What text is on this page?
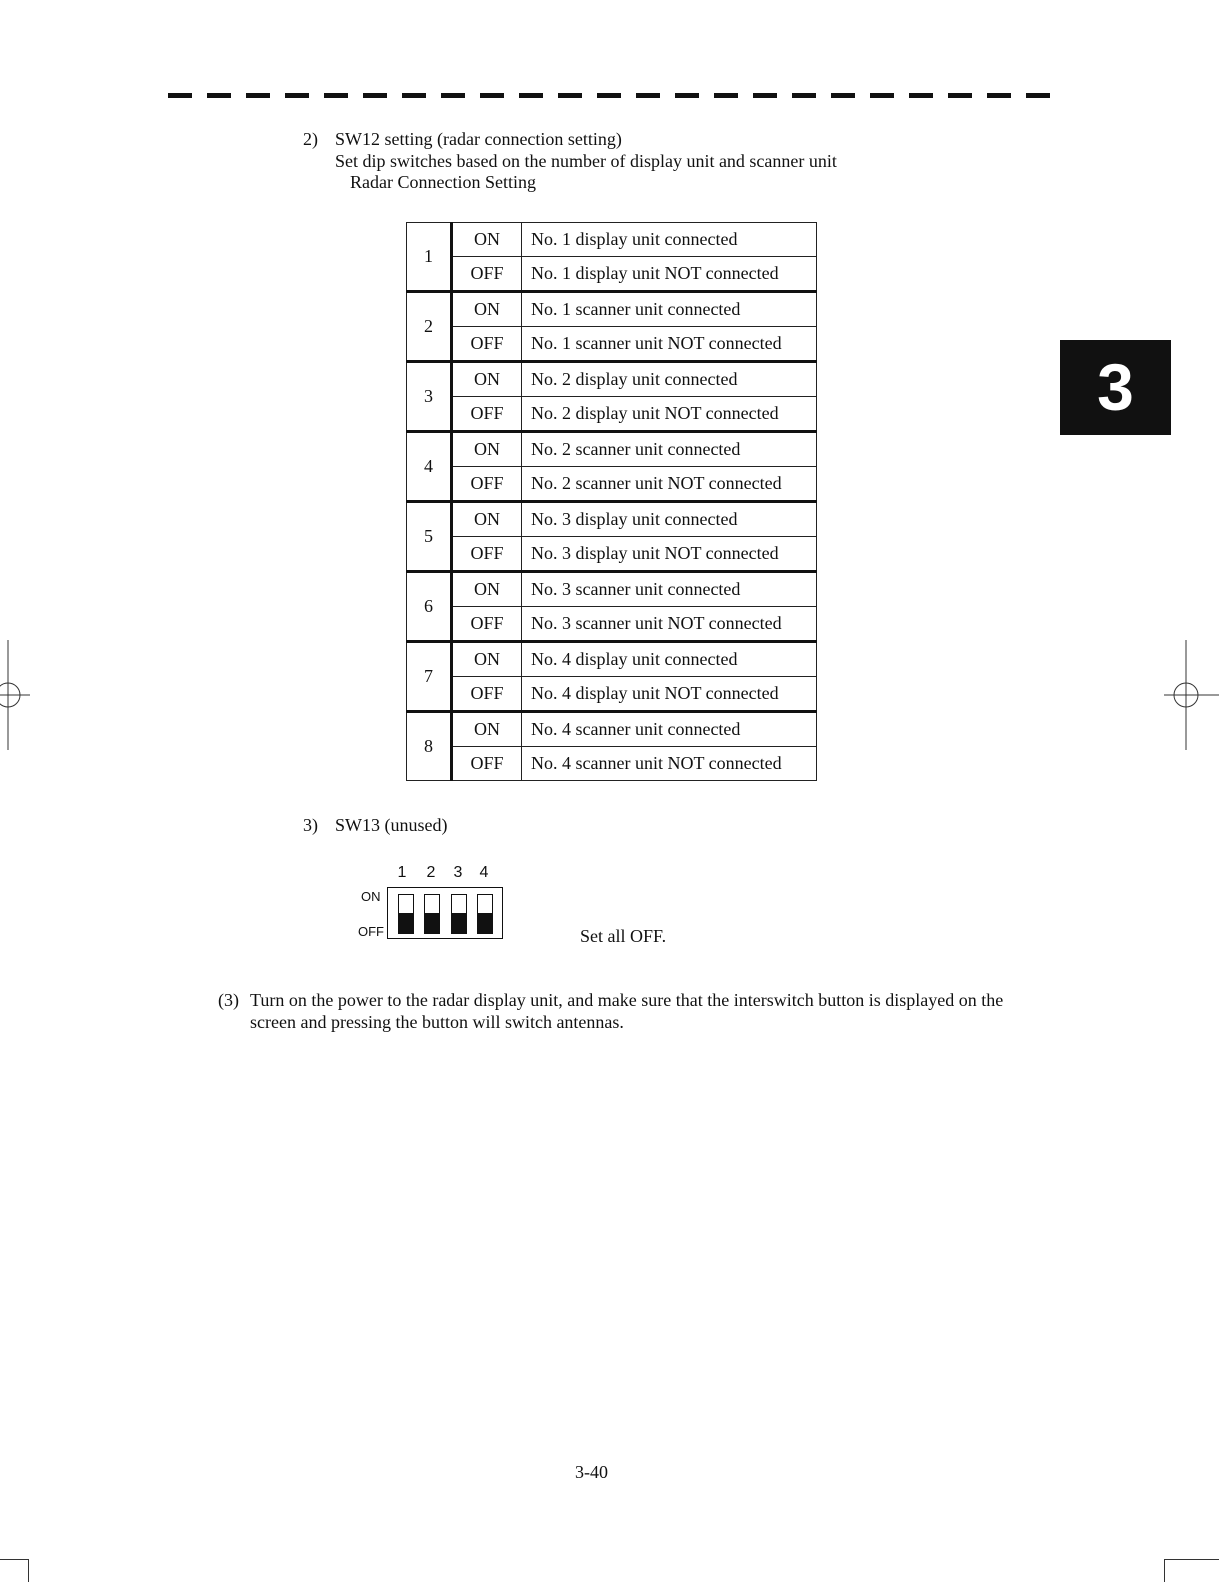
3
2) SW12 setting (radar connection setting)
Set dip switches based on the number of display unit and scanner unit
Radar Connection Setting
1	ON	No. 1 display unit connected
	OFF	No. 1 display unit NOT connected
2	ON	No. 1 scanner unit connected
	OFF	No. 1 scanner unit NOT connected
3	ON	No. 2 display unit connected
	OFF	No. 2 display unit NOT connected
4	ON	No. 2 scanner unit connected
	OFF	No. 2 scanner unit NOT connected
5	ON	No. 3 display unit connected
	OFF	No. 3 display unit NOT connected
6	ON	No. 3 scanner unit connected
	OFF	No. 3 scanner unit NOT connected
7	ON	No. 4 display unit connected
	OFF	No. 4 display unit NOT connected
8	ON	No. 4 scanner unit connected
	OFF	No. 4 scanner unit NOT connected
3) SW13 (unused)
1 2 3 4
ON
OFF	Set all OFF.
(3) Turn on the power to the radar display unit, and make sure that the interswitch button is displayed on the
screen and pressing the button will switch antennas.
3-40
